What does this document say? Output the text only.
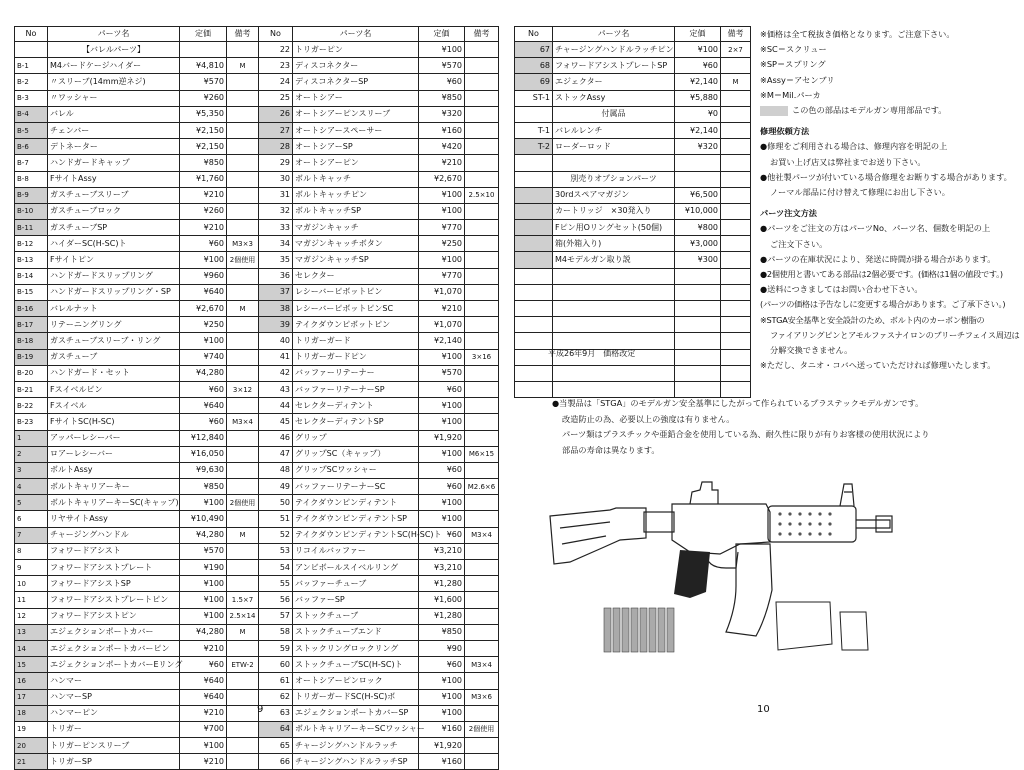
No	パーツ名	定価	備考
	【バレルパーツ】		
B-1	M4バードケージハイダー	¥4,810	M
B-2	〃スリーブ(14mm逆ネジ)	¥570	
B-3	〃ワッシャー	¥260	
B-4	バレル	¥5,350	
B-5	チェンバー	¥2,150	
B-6	デトネーター	¥2,150	
B-7	ハンドガードキャップ	¥850	
B-8	FサイトAssy	¥1,760	
B-9	ガスチューブスリーブ	¥210	
B-10	ガスチューブロック	¥260	
B-11	ガスチューブSP	¥210	
B-12	ハイダーSC(H-SC)ト	¥60	M3×3
B-13	Fサイトピン	¥100	2個使用
B-14	ハンドガードスリップリング	¥960	
B-15	ハンドガードスリップリング・SP	¥640	
B-16	バレルナット	¥2,670	M
B-17	リテーニングリング	¥250	
B-18	ガスチューブスリーブ・リング	¥100	
B-19	ガスチューブ	¥740	
B-20	ハンドガード・セット	¥4,280	
B-21	Fスイベルピン	¥60	3×12
B-22	Fスイベル	¥640	
B-23	FサイトSC(H-SC)	¥60	M3×4
1	アッパーレシーバー	¥12,840	
2	ロアーレシーバー	¥16,050	
3	ボルトAssy	¥9,630	
4	ボルトキャリアーキー	¥850	
5	ボルトキャリアーキーSC(キャップ)	¥100	2個使用
6	リヤサイトAssy	¥10,490	
7	チャージングハンドル	¥4,280	M
8	フォワードアシスト	¥570	
9	フォワードアシストプレート	¥190	
10	フォワードアシストSP	¥100	
11	フォワードアシストプレートピン	¥100	1.5×7
12	フォワードアシストピン	¥100	2.5×14
13	エジェクションポートカバー	¥4,280	M
14	エジェクションポートカバーピン	¥210	
15	エジェクションポートカバーEリング	¥60	ETW-2
16	ハンマー	¥640	
17	ハンマーSP	¥640	
18	ハンマーピン	¥210	
19	トリガー	¥700	
20	トリガーピンスリーブ	¥100	
21	トリガーSP	¥210	
No	パーツ名	定価	備考
22	トリガーピン	¥100	
23	ディスコネクター	¥570	
24	ディスコネクターSP	¥60	
25	オートシアー	¥850	
26	オートシアーピンスリーブ	¥320	
27	オートシアースペーサー	¥160	
28	オートシアーSP	¥420	
29	オートシアーピン	¥210	
30	ボルトキャッチ	¥2,670	
31	ボルトキャッチピン	¥100	2.5×10
32	ボルトキャッチSP	¥100	
33	マガジンキャッチ	¥770	
34	マガジンキャッチボタン	¥250	
35	マガジンキャッチSP	¥100	
36	セレクター	¥770	
37	レシーバーピボットピン	¥1,070	
38	レシーバーピボットピンSC	¥210	
39	テイクダウンピボットピン	¥1,070	
40	トリガーガード	¥2,140	
41	トリガーガードピン	¥100	3×16
42	バッファーリテーナー	¥570	
43	バッファーリテーナーSP	¥60	
44	セレクターディテント	¥100	
45	セレクターディテントSP	¥100	
46	グリップ	¥1,920	
47	グリップSC（キャップ）	¥100	M6×15
48	グリップSCワッシャー	¥60	
49	バッファーリテーナーSC	¥60	M2.6×6
50	テイクダウンピンディテント	¥100	
51	テイクダウンピンディテントSP	¥100	
52	テイクダウンピンディテントSC(H-SC)ト	¥60	M3×4
53	リコイルバッファー	¥3,210	
54	アンビボールスイベルリング	¥3,210	
55	バッファーチューブ	¥1,280	
56	バッファーSP	¥1,600	
57	ストックチューブ	¥1,280	
58	ストックチューブエンド	¥850	
59	ストックリングロックリング	¥90	
60	ストックチューブSC(H-SC)ト	¥60	M3×4
61	オートシアーピンロック	¥100	
62	トリガーガードSC(H-SC)ボ	¥100	M3×6
63	エジェクションポートカバーSP	¥100	
64	ボルトキャリアーキーSCワッシャー	¥160	2個使用
65	チャージングハンドルラッチ	¥1,920	
66	チャージングハンドルラッチSP	¥160	
No	パーツ名	定価	備考
67	チャージングハンドルラッチピン	¥100	2×7
68	フォワードアシストプレートSP	¥60	
69	エジェクター	¥2,140	M
ST-1	ストックAssy	¥5,880	
	付属品	¥0	
T-1	バレルレンチ	¥2,140	
T-2	ローダーロッド	¥320	

	別売りオプションパーツ		
	30rdスペアマガジン	¥6,500	
	カートリッジ　×30発入り	¥10,000	
	Fピン用Oリングセット(50個)	¥800	
	箱(外箱入り)	¥3,000	
	M4モデルガン取り説	¥300	

平成26年9月　価格改定
※価格は全て税抜き価格となります。ご注意下さい。
※SC＝スクリュー
※SP＝スプリング
※Assy＝アセンブリ
※M＝Mil.パーカ
この色の部品はモデルガン専用部品です。
修理依頼方法
●修理をご利用される場合は、修理内容を明記の上
お買い上げ店又は弊社までお送り下さい。
●他社製パーツが付いている場合修理をお断りする場合があります。
ノーマル部品に付け替えて修理にお出し下さい。
パーツ注文方法
●パーツをご注文の方はパーツNo、パーツ名、個数を明記の上
ご注文下さい。
●パーツの在庫状況により、発送に時間が掛る場合があります。
●2個使用と書いてある部品は2個必要です。(価格は1個の値段です。)
●送料につきましてはお問い合わせ下さい。
(パーツの価格は予告なしに変更する場合があります。ご了承下さい。)
※STGA安全基準と安全設計のため、ボルト内のカーボン樹脂の
ファイアリングピンとアモルファスナイロンのブリーチフェイス周辺は
分解交換できません。
※ただし、タニオ・コバへ送っていただければ修理いたします。
●当製品は「STGA」のモデルガン安全基準にしたがって作られているプラステックモデルガンです。
改造防止の為、必要以上の強度は有りません。
パーツ類はプラスチックや亜鉛合金を使用している為、耐久性に限りが有りお客様の使用状況により
部品の寿命は異なります。
9	10
